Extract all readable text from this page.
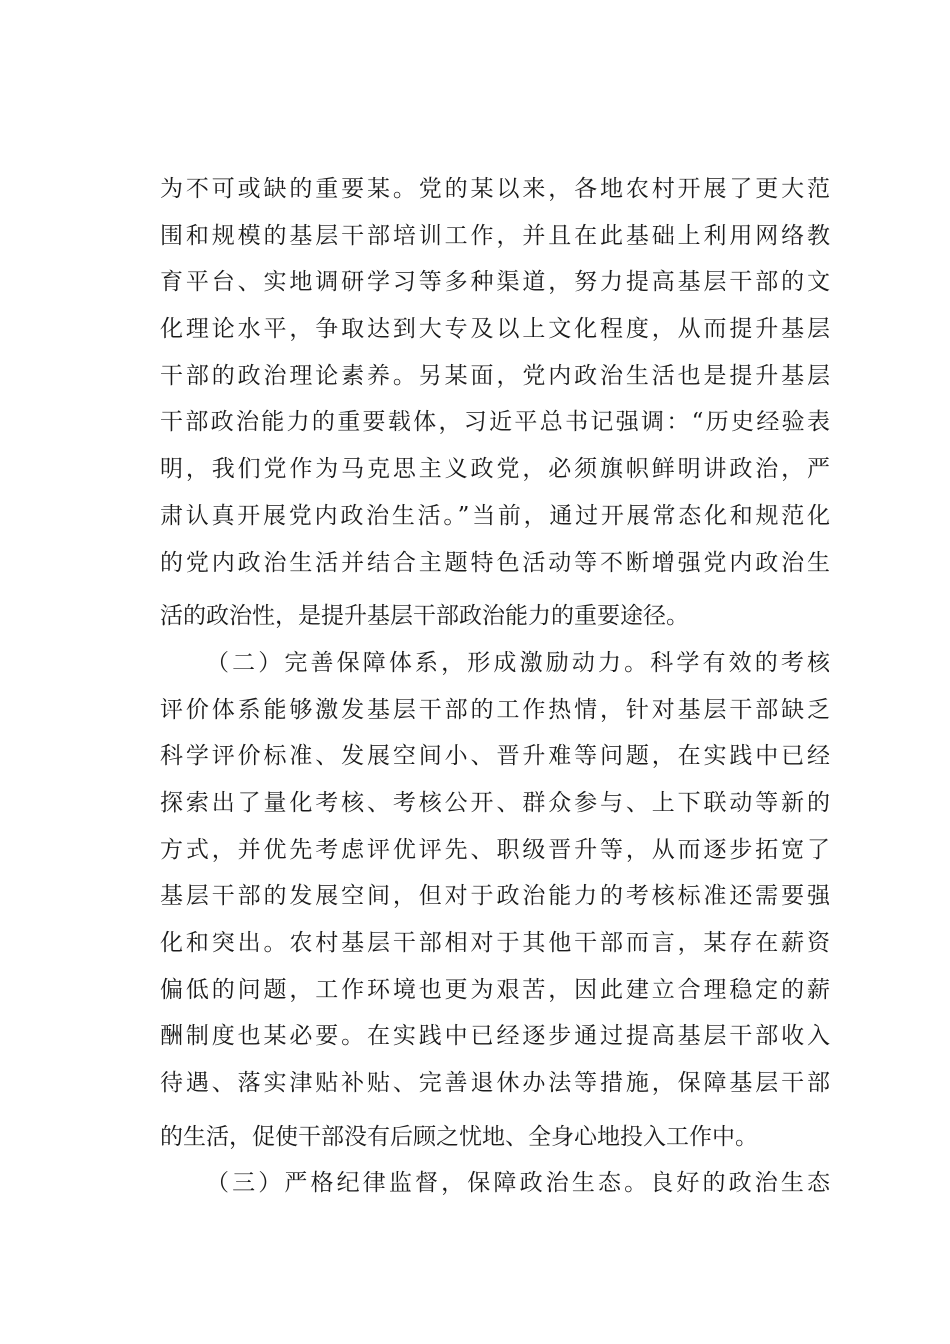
为不可或缺的重要某。党的某以来，各地农村开展了更大范
围和规模的基层干部培训工作，并且在此基础上利用网络教
育平台、实地调研学习等多种渠道，努力提高基层干部的文
化理论水平，争取达到大专及以上文化程度，从而提升基层
干部的政治理论素养。另某面，党内政治生活也是提升基层
干部政治能力的重要载体，习近平总书记强调：“历史经验表
明，我们党作为马克思主义政党，必须旗帜鲜明讲政治，严
肃认真开展党内政治生活。”当前，通过开展常态化和规范化
的党内政治生活并结合主题特色活动等不断增强党内政治生
活的政治性，是提升基层干部政治能力的重要途径。
（二）完善保障体系，形成激励动力。科学有效的考核
评价体系能够激发基层干部的工作热情，针对基层干部缺乏
科学评价标准、发展空间小、晋升难等问题，在实践中已经
探索出了量化考核、考核公开、群众参与、上下联动等新的
方式，并优先考虑评优评先、职级晋升等，从而逐步拓宽了
基层干部的发展空间，但对于政治能力的考核标准还需要强
化和突出。农村基层干部相对于其他干部而言，某存在薪资
偏低的问题，工作环境也更为艰苦，因此建立合理稳定的薪
酬制度也某必要。在实践中已经逐步通过提高基层干部收入
待遇、落实津贴补贴、完善退休办法等措施，保障基层干部
的生活，促使干部没有后顾之忧地、全身心地投入工作中。
（三）严格纪律监督，保障政治生态。良好的政治生态
